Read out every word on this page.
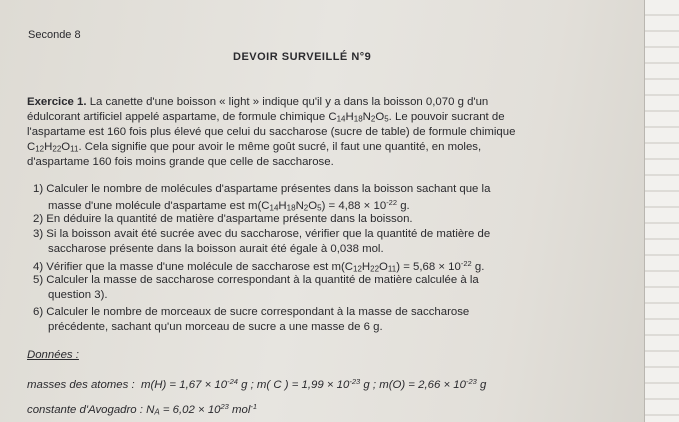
Seconde 8
DEVOIR SURVEILLÉ N°9
Exercice 1. La canette d'une boisson « light » indique qu'il y a dans la boisson 0,070 g d'un
édulcorant artificiel appelé aspartame, de formule chimique C14H18N2O5. Le pouvoir sucrant de
l'aspartame est 160 fois plus élevé que celui du saccharose (sucre de table) de formule chimique
C12H22O11. Cela signifie que pour avoir le même goût sucré, il faut une quantité, en moles,
d'aspartame 160 fois moins grande que celle de saccharose.
1) Calculer le nombre de molécules d'aspartame présentes dans la boisson sachant que la
masse d'une molécule d'aspartame est $m(C14H18N2O5) = 4,88 \times 10^{-22}$ g.
2) En déduire la quantité de matière d'aspartame présente dans la boisson.
3) Si la boisson avait été sucrée avec du saccharose, vérifier que la quantité de matière de
saccharose présente dans la boisson aurait été égale à 0,038 mol.
4) Vérifier que la masse d'une molécule de saccharose est $m(C12H22O11) = 5,68 \times 10^{-22}$ g.
5) Calculer la masse de saccharose correspondant à la quantité de matière calculée à la
question 3).
6) Calculer le nombre de morceaux de sucre correspondant à la masse de saccharose
précédente, sachant qu'un morceau de sucre a une masse de 6 g.
Données :
masses des atomes : $m(H) = 1,67 \times 10^{-24}$ g ; m( C ) = $1,99 \times 10^{-23}$ g ; $m(O) = 2,66 \times 10^{-23}$ g
constante d'Avogadro : NA = $6,02 \times 10^{23}$ mol$^{-1}$
